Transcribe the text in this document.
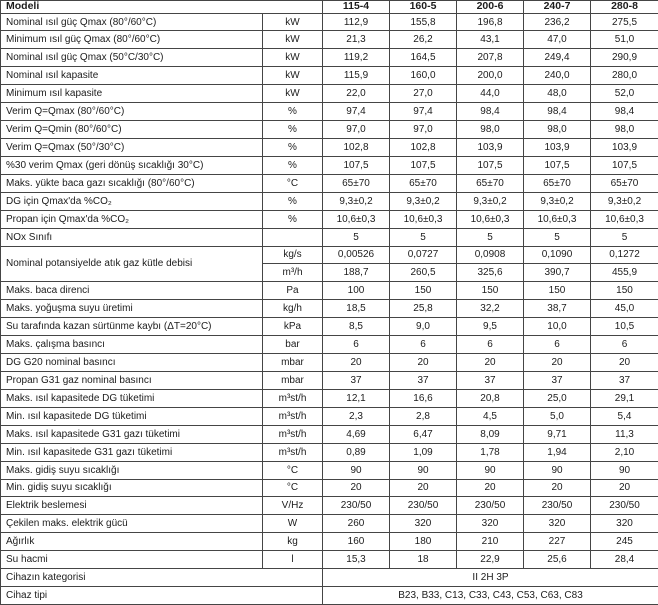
Modeli		115-4	160-5	200-6	240-7	280-8
Nominal ısıl güç Qmax (80°/60°C)	kW	112,9	155,8	196,8	236,2	275,5
Minimum ısıl güç Qmax (80°/60°C)	kW	21,3	26,2	43,1	47,0	51,0
Nominal ısıl güç Qmax (50°C/30°C)	kW	119,2	164,5	207,8	249,4	290,9
Nominal ısıl kapasite	kW	115,9	160,0	200,0	240,0	280,0
Minimum ısıl kapasite	kW	22,0	27,0	44,0	48,0	52,0
Verim Q=Qmax (80°/60°C)	%	97,4	97,4	98,4	98,4	98,4
Verim Q=Qmin (80°/60°C)	%	97,0	97,0	98,0	98,0	98,0
Verim Q=Qmax (50°/30°C)	%	102,8	102,8	103,9	103,9	103,9
%30 verim Qmax (geri dönüş sıcaklığı 30°C)	%	107,5	107,5	107,5	107,5	107,5
Maks. yükte baca gazı sıcaklığı (80°/60°C)	°C	65±70	65±70	65±70	65±70	65±70
DG için Qmax'da %CO₂	%	9,3±0,2	9,3±0,2	9,3±0,2	9,3±0,2	9,3±0,2
Propan için Qmax'da %CO₂	%	10,6±0,3	10,6±0,3	10,6±0,3	10,6±0,3	10,6±0,3
NOx Sınıfı		5	5	5	5	5
Nominal potansiyelde atık gaz kütle debisi	kg/s	0,00526	0,0727	0,0908	0,1090	0,1272
	m³/h	188,7	260,5	325,6	390,7	455,9
Maks. baca direnci	Pa	100	150	150	150	150
Maks. yoğuşma suyu üretimi	kg/h	18,5	25,8	32,2	38,7	45,0
Su tarafında kazan sürtünme kaybı (ΔT=20°C)	kPa	8,5	9,0	9,5	10,0	10,5
Maks. çalışma basıncı	bar	6	6	6	6	6
DG G20 nominal basıncı	mbar	20	20	20	20	20
Propan G31 gaz nominal basıncı	mbar	37	37	37	37	37
Maks. ısıl kapasitede DG tüketimi	m³st/h	12,1	16,6	20,8	25,0	29,1
Min. ısıl kapasitede DG tüketimi	m³st/h	2,3	2,8	4,5	5,0	5,4
Maks. ısıl kapasitede G31 gazı tüketimi	m³st/h	4,69	6,47	8,09	9,71	11,3
Min. ısıl kapasitede G31 gazı tüketimi	m³st/h	0,89	1,09	1,78	1,94	2,10
Maks. gidiş suyu sıcaklığı	°C	90	90	90	90	90
Min. gidiş suyu sıcaklığı	°C	20	20	20	20	20
Elektrik beslemesi	V/Hz	230/50	230/50	230/50	230/50	230/50
Çekilen maks. elektrik gücü	W	260	320	320	320	320
Ağırlık	kg	160	180	210	227	245
Su hacmi	l	15,3	18	22,9	25,6	28,4
Cihazın kategorisi		II 2H 3P				
Cihaz tipi		B23, B33, C13, C33, C43, C53, C63, C83				
